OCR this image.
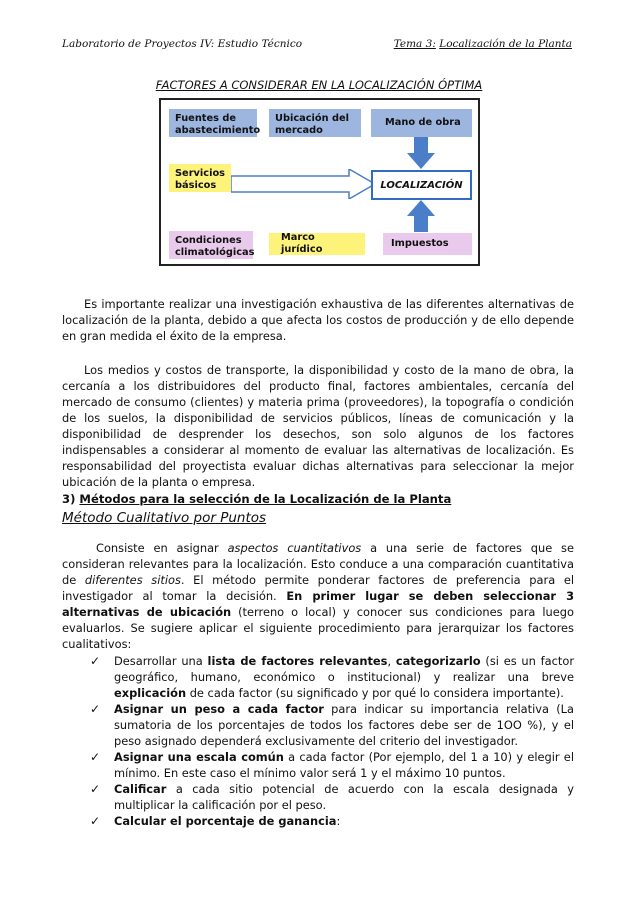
Laboratorio de Proyectos IV: Estudio Técnico	Tema 3: Localización de la Planta
FACTORES A CONSIDERAR EN LA LOCALIZACIÓN ÓPTIMA
Fuentes de abastecimiento
Ubicación del mercado
Mano de obra
Servicios básicos	LOCALIZACIÓN
Condiciones climatológicas
Marco jurídico
Impuestos
Es importante realizar una investigación exhaustiva de las diferentes alternativas de localización de la planta, debido a que afecta los costos de producción y de ello depende en gran medida el éxito de la empresa.
Los medios y costos de transporte, la disponibilidad y costo de la mano de obra, la cercanía a los distribuidores del producto final, factores ambientales, cercanía del mercado de consumo (clientes) y materia prima (proveedores), la topografía o condición de los suelos, la disponibilidad de servicios públicos, líneas de comunicación y la disponibilidad de desprender los desechos, son solo algunos de los factores indispensables a considerar al momento de evaluar las alternativas de localización. Es responsabilidad del proyectista evaluar dichas alternativas para seleccionar la mejor ubicación de la planta o empresa.
3) Métodos para la selección de la Localización de la Planta
Método Cualitativo por Puntos
Consiste en asignar aspectos cuantitativos a una serie de factores que se consideran relevantes para la localización. Esto conduce a una comparación cuantitativa de diferentes sitios. El método permite ponderar factores de preferencia para el investigador al tomar la decisión. En primer lugar se deben seleccionar 3 alternativas de ubicación (terreno o local) y conocer sus condiciones para luego evaluarlos. Se sugiere aplicar el siguiente procedimiento para jerarquizar los factores cualitativos:
✓ Desarrollar una lista de factores relevantes, categorizarlo (si es un factor geográfico, humano, económico o institucional) y realizar una breve explicación de cada factor (su significado y por qué lo considera importante).
✓ Asignar un peso a cada factor para indicar su importancia relativa (La sumatoria de los porcentajes de todos los factores debe ser de 1OO %), y el peso asignado dependerá exclusivamente del criterio del investigador.
✓ Asignar una escala común a cada factor (Por ejemplo, del 1 a 10) y elegir el mínimo. En este caso el mínimo valor será 1 y el máximo 10 puntos.
✓ Calificar a cada sitio potencial de acuerdo con la escala designada y multiplicar la calificación por el peso.
✓ Calcular el porcentaje de ganancia:
